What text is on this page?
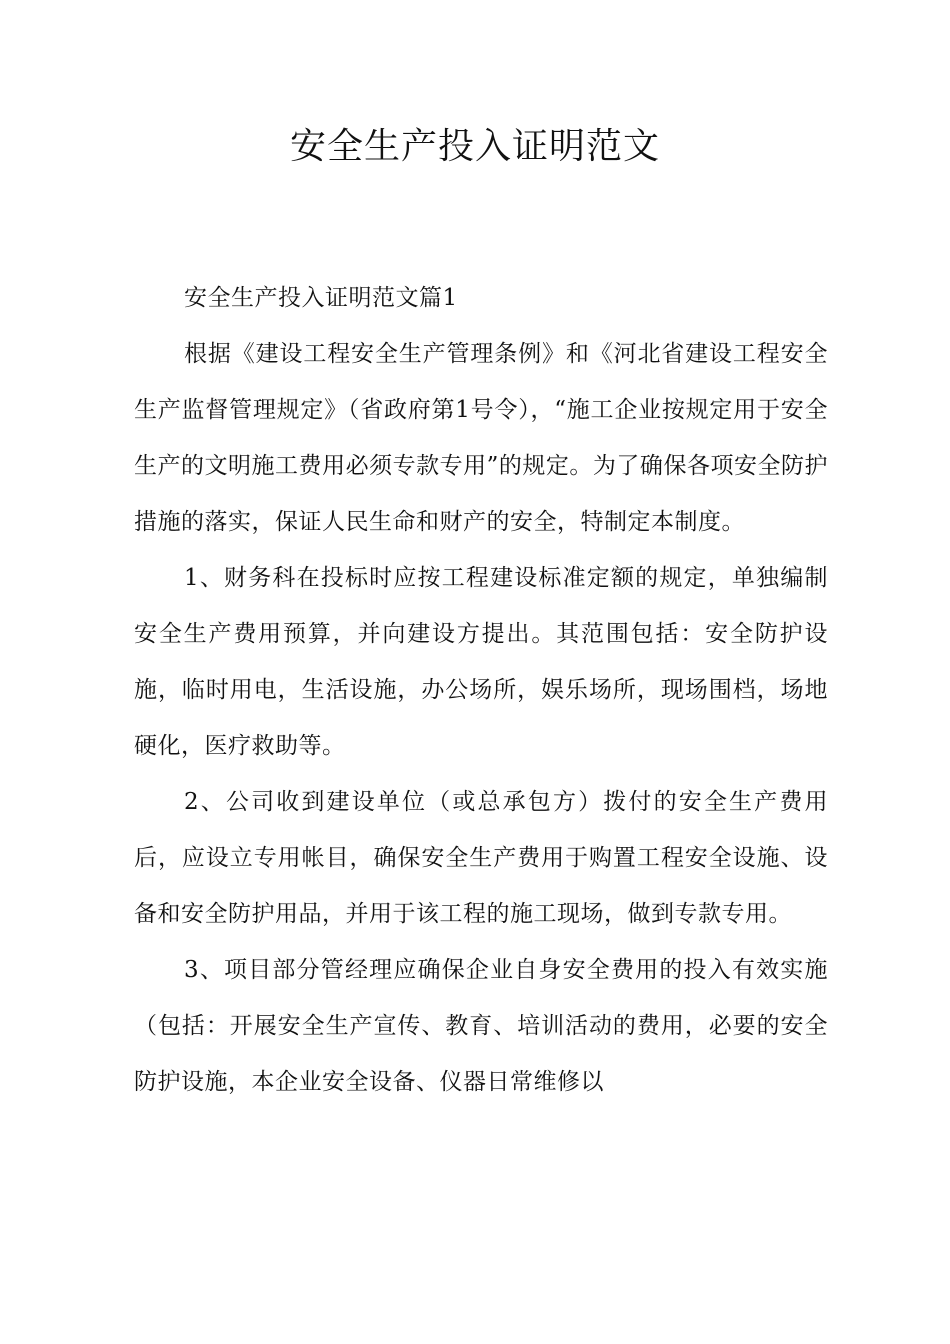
安全生产投入证明范文

安全生产投入证明范文篇1

根据《建设工程安全生产管理条例》和《河北省建设工程安全生产监督管理规定》（省政府第1号令），“施工企业按规定用于安全生产的文明施工费用必须专款专用”的规定。为了确保各项安全防护措施的落实，保证人民生命和财产的安全，特制定本制度。

1、财务科在投标时应按工程建设标准定额的规定，单独编制安全生产费用预算，并向建设方提出。其范围包括：安全防护设施，临时用电，生活设施，办公场所，娱乐场所，现场围档，场地硬化，医疗救助等。

2、公司收到建设单位（或总承包方）拨付的安全生产费用后，应设立专用帐目，确保安全生产费用于购置工程安全设施、设备和安全防护用品，并用于该工程的施工现场，做到专款专用。

3、项目部分管经理应确保企业自身安全费用的投入有效实施（包括：开展安全生产宣传、教育、培训活动的费用，必要的安全防护设施，本企业安全设备、仪器日常维修以
